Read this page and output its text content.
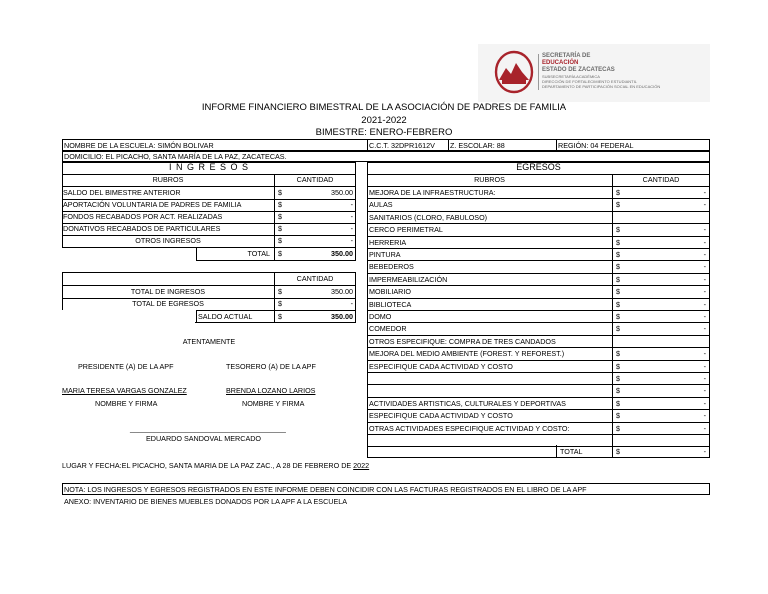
SECRETARÍA DE
EDUCACIÓN
ESTADO DE ZACATECAS
SUBSECRETARÍA ACADÉMICA
DIRECCIÓN DE FORTALECIMIENTO ESTUDIANTIL
DEPARTAMENTO DE PARTICIPACIÓN SOCIAL EN EDUCACIÓN
INFORME FINANCIERO BIMESTRAL DE LA ASOCIACIÓN DE PADRES DE FAMILIA
2021-2022
BIMESTRE: ENERO-FEBRERO
NOMBRE DE LA ESCUELA: SIMÓN BOLIVAR	C.C.T. 32DPR1612V Z. ESCOLAR: 88	REGIÓN: 04 FEDERAL
DOMICILIO: EL PICACHO, SANTA MARÍA DE LA PAZ, ZACATECAS.
I N G R E S O S
RUBROS	CANTIDAD
SALDO DEL BIMESTRE ANTERIOR	$	350.00
APORTACIÓN VOLUNTARIA DE PADRES DE FAMILIA	$	-
FONDOS RECABADOS POR ACT. REALIZADAS	$	-
DONATIVOS RECABADOS DE PARTICULARES	$	-
OTROS INGRESOS	$	-
TOTAL $	350.00
CANTIDAD
TOTAL DE INGRESOS	$	350.00
TOTAL DE EGRESOS	$	-
SALDO ACTUAL	$	350.00
EGRESOS
RUBROS	CANTIDAD
MEJORA DE LA INFRAESTRUCTURA:	$	-
AULAS	$	-
SANITARIOS (CLORO, FABULOSO)
CERCO PERIMETRAL	$	-
HERRERIA	$	-
PINTURA	$	-
BEBEDEROS	$	-
IMPERMEABILIZACIÓN	$	-
MOBILIARIO	$	-
BIBLIOTECA	$	-
DOMO	$	-
COMEDOR	$	-
OTROS ESPECIFIQUE: COMPRA DE TRES CANDADOS
MEJORA DEL MEDIO AMBIENTE (FOREST. Y REFOREST.)	$	-
ESPECIFIQUE CADA ACTIVIDAD Y COSTO	$	-
$	-
$	-
ACTIVIDADES ARTISTICAS, CULTURALES Y DEPORTIVAS	$	-
ESPECIFIQUE CADA ACTIVIDAD Y COSTO	$	-
OTRAS ACTIVIDADES ESPECIFIQUE ACTIVIDAD Y COSTO:	$	-
TOTAL	$	-
ATENTAMENTE
PRESIDENTE (A) DE LA APF	TESORERO (A) DE LA APF
MARIA TERESA VARGAS GONZALEZ	BRENDA LOZANO LARIOS
NOMBRE Y FIRMA	NOMBRE Y FIRMA
_______________________________________
EDUARDO SANDOVAL MERCADO
LUGAR Y FECHA:EL PICACHO, SANTA MARIA DE LA PAZ ZAC., A 28 DE FEBRERO DE 2022
NOTA: LOS INGRESOS Y EGRESOS REGISTRADOS EN ESTE INFORME DEBEN COINCIDIR CON LAS FACTURAS REGISTRADOS EN EL LIBRO DE LA APF
ANEXO: INVENTARIO DE BIENES MUEBLES DONADOS POR LA APF A LA ESCUELA
